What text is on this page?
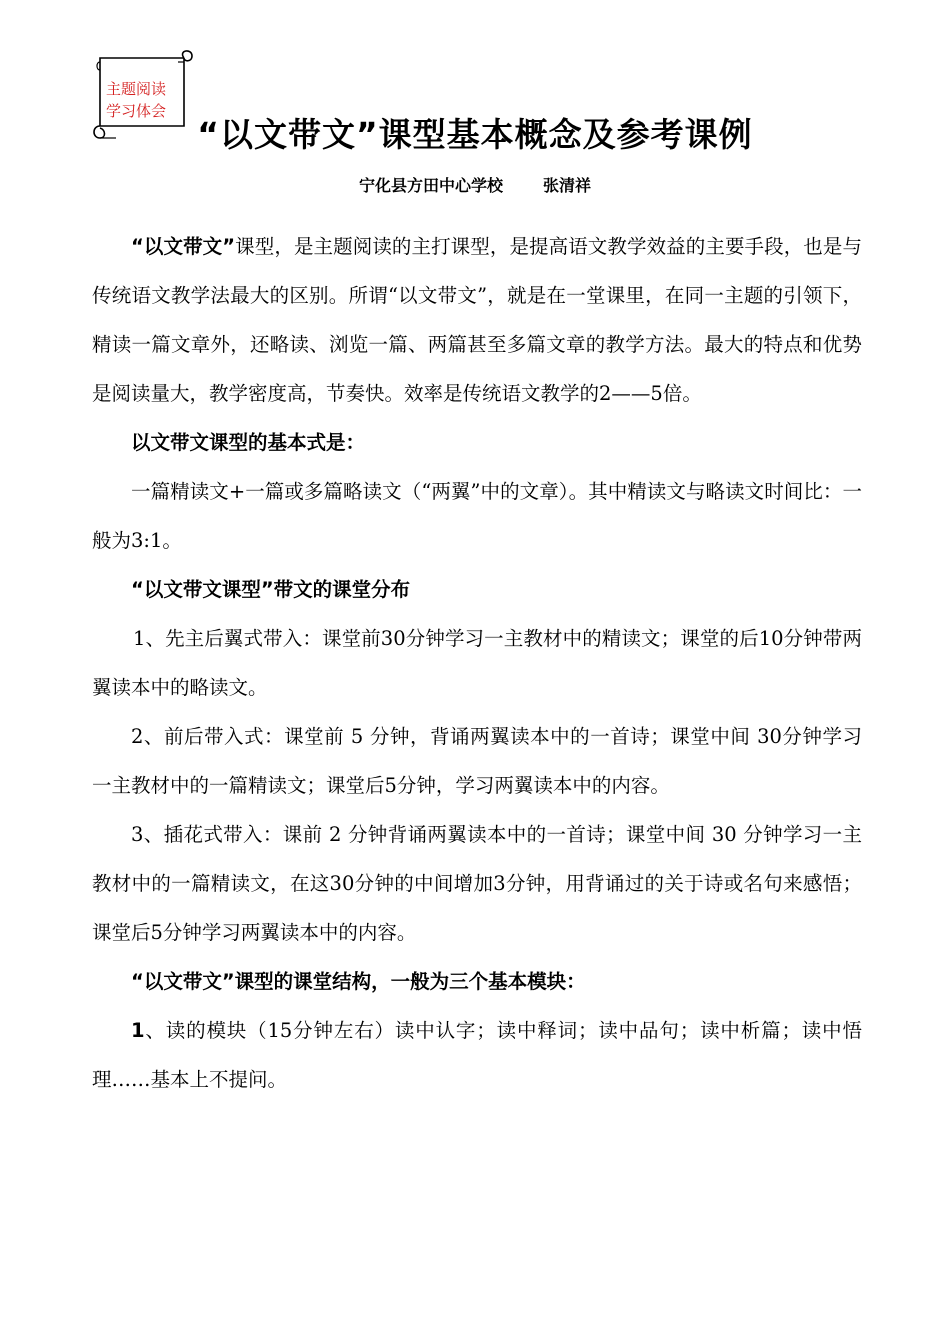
主题阅读
学习体会
“以文带文”课型基本概念及参考课例
宁化县方田中心学校	张清祥

“以文带文”课型，是主题阅读的主打课型，是提高语文教学效益的主要手段，也是与传统语文教学法最大的区别。所谓“以文带文”，就是在一堂课里，在同一主题的引领下，精读一篇文章外，还略读、浏览一篇、两篇甚至多篇文章的教学方法。最大的特点和优势是阅读量大，教学密度高，节奏快。效率是传统语文教学的2——5倍。

以文带文课型的基本式是：

一篇精读文+一篇或多篇略读文（“两翼”中的文章）。其中精读文与略读文时间比：一般为3:1。

“以文带文课型”带文的课堂分布

1、先主后翼式带入：课堂前30分钟学习一主教材中的精读文；课堂的后10分钟带两翼读本中的略读文。

2、前后带入式：课堂前 5 分钟，背诵两翼读本中的一首诗；课堂中间 30分钟学习一主教材中的一篇精读文；课堂后5分钟，学习两翼读本中的内容。

3、插花式带入：课前 2 分钟背诵两翼读本中的一首诗；课堂中间 30 分钟学习一主教材中的一篇精读文，在这30分钟的中间增加3分钟，用背诵过的关于诗或名句来感悟；课堂后5分钟学习两翼读本中的内容。

“以文带文”课型的课堂结构，一般为三个基本模块：

1、读的模块（15分钟左右）读中认字；读中释词；读中品句；读中析篇；读中悟理……基本上不提问。
